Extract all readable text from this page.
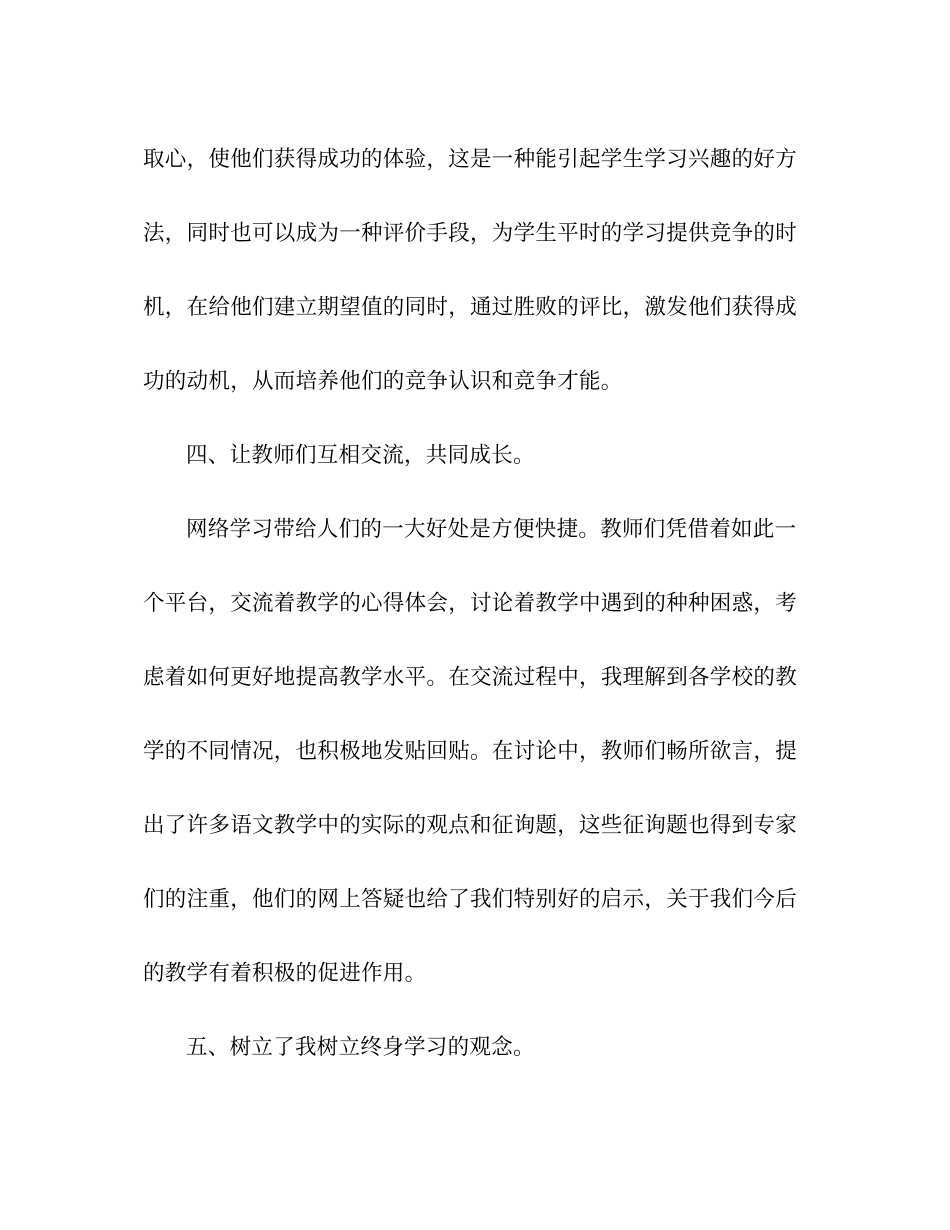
取心，使他们获得成功的体验，这是一种能引起学生学习兴趣的好方
法，同时也可以成为一种评价手段，为学生平时的学习提供竞争的时
机，在给他们建立期望值的同时，通过胜败的评比，激发他们获得成
功的动机，从而培养他们的竞争认识和竞争才能。
四、让教师们互相交流，共同成长。
网络学习带给人们的一大好处是方便快捷。教师们凭借着如此一
个平台，交流着教学的心得体会，讨论着教学中遇到的种种困惑，考
虑着如何更好地提高教学水平。在交流过程中，我理解到各学校的教
学的不同情况，也积极地发贴回贴。在讨论中，教师们畅所欲言，提
出了许多语文教学中的实际的观点和征询题，这些征询题也得到专家
们的注重，他们的网上答疑也给了我们特别好的启示，关于我们今后
的教学有着积极的促进作用。
五、树立了我树立终身学习的观念。
